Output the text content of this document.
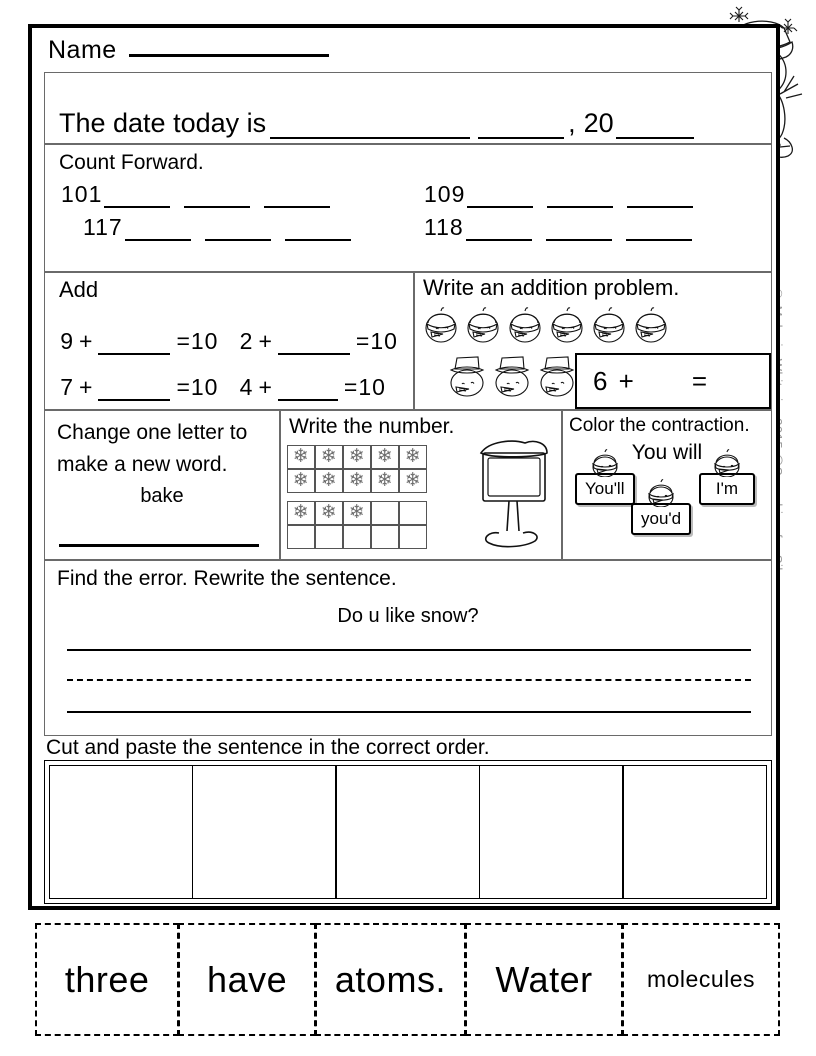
Name
The date today is	, 20
Count Forward.
101	109
117	118
Add
9 +	=10 2 +	=10
7 +	=10 4 +	=10
Write an addition problem.
6 + =
Change one letter to make a new word.
bake
Write the number.
❄ ❄ ❄ ❄ ❄
❄ ❄ ❄ ❄ ❄
❄ ❄ ❄
Color the contraction.
You will
You'll
you'd
I'm
Find the error. Rewrite the sentence.
Do u like snow?
Cut and paste the sentence in the correct order.
three	have	atoms.	Water	molecules
